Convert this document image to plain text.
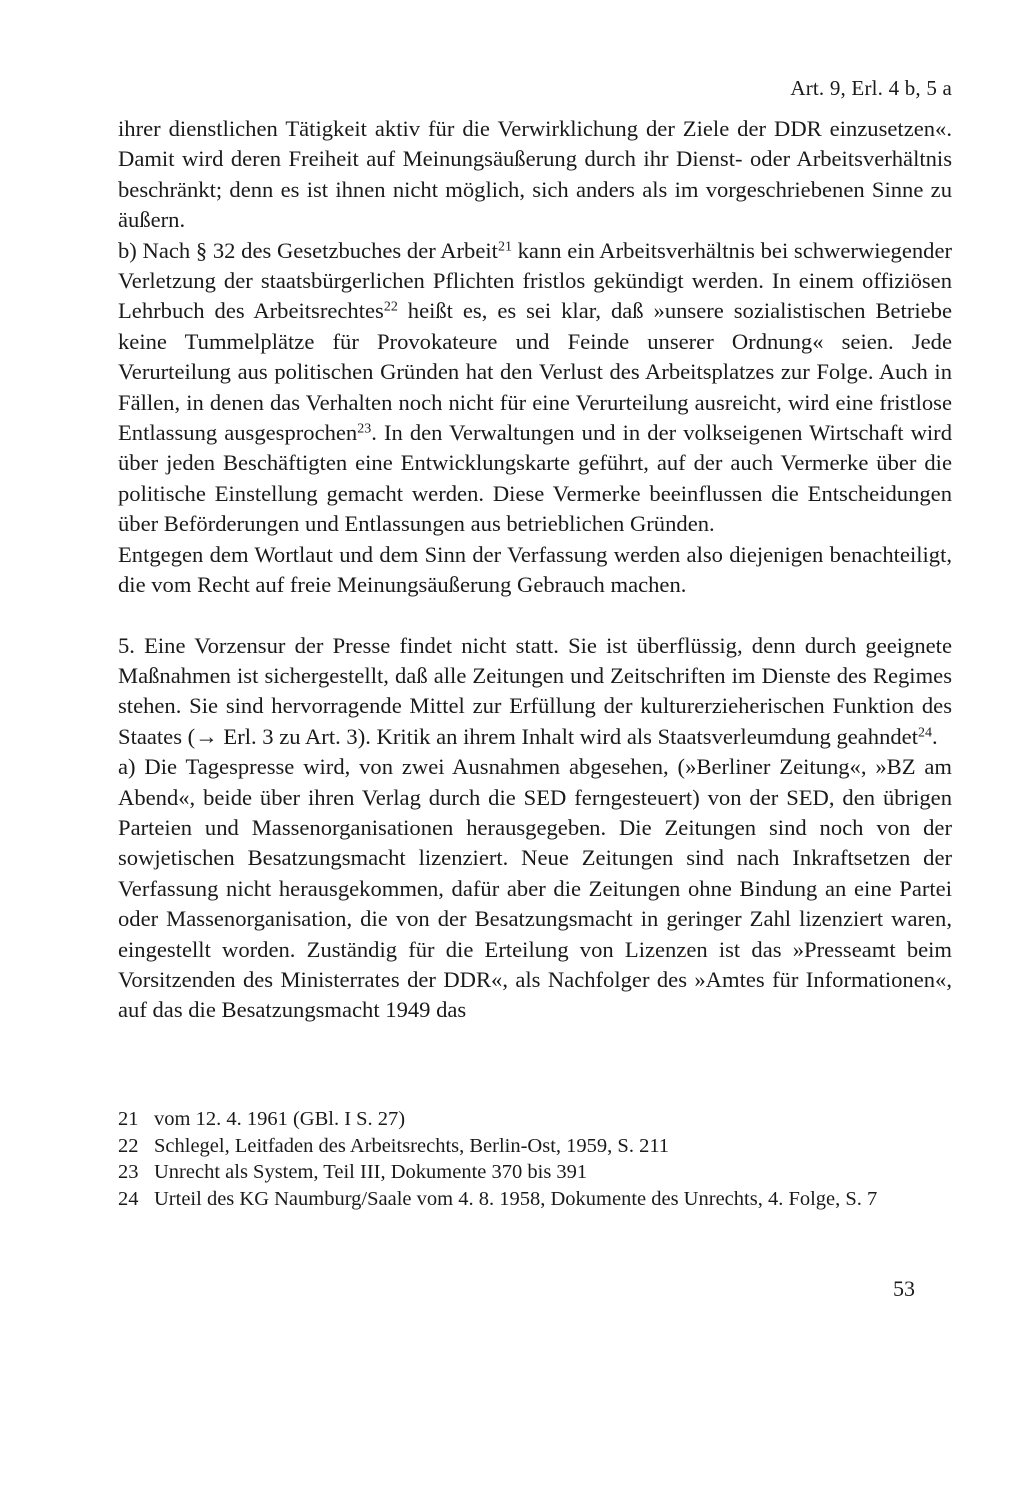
Art. 9, Erl. 4 b, 5 a

ihrer dienstlichen Tätigkeit aktiv für die Verwirklichung der Ziele der DDR einzusetzen«. Damit wird deren Freiheit auf Meinungsäußerung durch ihr Dienst- oder Arbeitsverhältnis beschränkt; denn es ist ihnen nicht möglich, sich anders als im vorgeschriebenen Sinne zu äußern.

b) Nach § 32 des Gesetzbuches der Arbeit$^{21}$ kann ein Arbeitsverhältnis bei schwerwiegender Verletzung der staatsbürgerlichen Pflichten fristlos gekündigt werden. In einem offiziösen Lehrbuch des Arbeitsrechtes$^{22}$ heißt es, es sei klar, daß »unsere sozialistischen Betriebe keine Tummelplätze für Provokateure und Feinde unserer Ordnung« seien. Jede Verurteilung aus politischen Gründen hat den Verlust des Arbeitsplatzes zur Folge. Auch in Fällen, in denen das Verhalten noch nicht für eine Verurteilung ausreicht, wird eine fristlose Entlassung ausgesprochen$^{23}$. In den Verwaltungen und in der volkseigenen Wirtschaft wird über jeden Beschäftigten eine Entwicklungskarte geführt, auf der auch Vermerke über die politische Einstellung gemacht werden. Diese Vermerke beeinflussen die Entscheidungen über Beförderungen und Entlassungen aus betrieblichen Gründen.

Entgegen dem Wortlaut und dem Sinn der Verfassung werden also diejenigen benachteiligt, die vom Recht auf freie Meinungsäußerung Gebrauch machen.

5. Eine Vorzensur der Presse findet nicht statt. Sie ist überflüssig, denn durch geeignete Maßnahmen ist sichergestellt, daß alle Zeitungen und Zeitschriften im Dienste des Regimes stehen. Sie sind hervorragende Mittel zur Erfüllung der kulturerzieherischen Funktion des Staates (→ Erl. 3 zu Art. 3). Kritik an ihrem Inhalt wird als Staatsverleumdung geahndet$^{24}$.

a) Die Tagespresse wird, von zwei Ausnahmen abgesehen, (»Berliner Zeitung«, »BZ am Abend«, beide über ihren Verlag durch die SED ferngesteuert) von der SED, den übrigen Parteien und Massenorganisationen herausgegeben. Die Zeitungen sind noch von der sowjetischen Besatzungsmacht lizenziert. Neue Zeitungen sind nach Inkraftsetzen der Verfassung nicht herausgekommen, dafür aber die Zeitungen ohne Bindung an eine Partei oder Massenorganisation, die von der Besatzungsmacht in geringer Zahl lizenziert waren, eingestellt worden. Zuständig für die Erteilung von Lizenzen ist das »Presseamt beim Vorsitzenden des Ministerrates der DDR«, als Nachfolger des »Amtes für Informationen«, auf das die Besatzungsmacht 1949 das

21 vom 12. 4. 1961 (GBl. I S. 27)
22 Schlegel, Leitfaden des Arbeitsrechts, Berlin-Ost, 1959, S. 211
23 Unrecht als System, Teil III, Dokumente 370 bis 391
24 Urteil des KG Naumburg/Saale vom 4. 8. 1958, Dokumente des Unrechts, 4. Folge, S. 7
53
